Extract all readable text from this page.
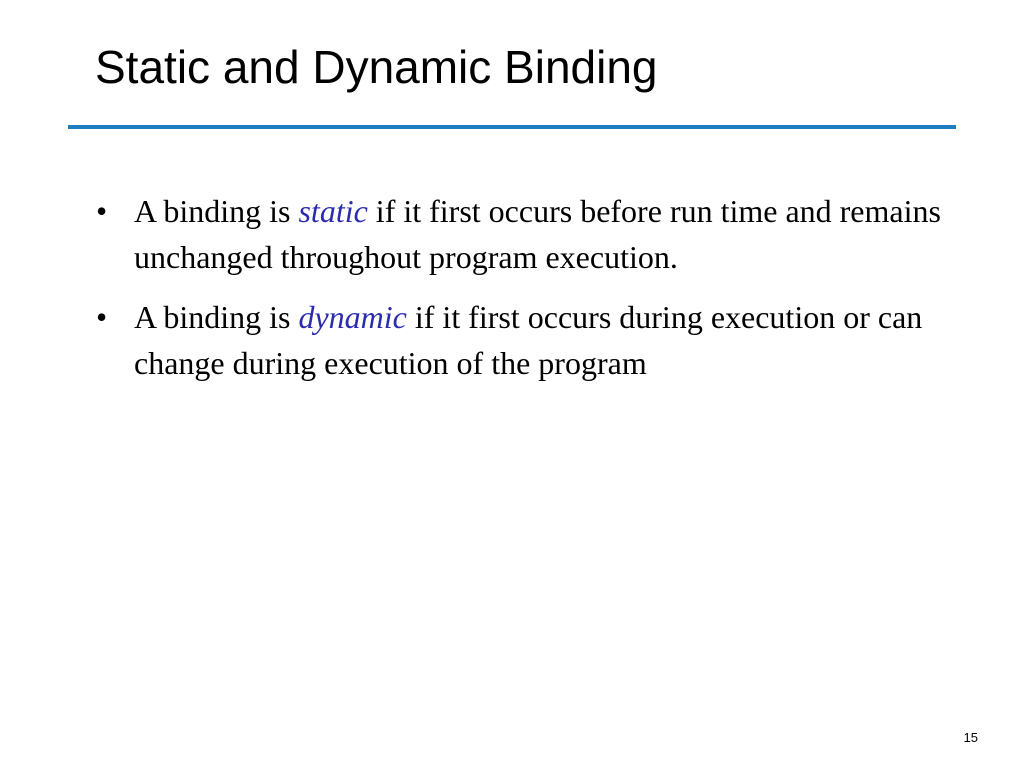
Static and Dynamic Binding
• A binding is static if it first occurs before run time and remains unchanged throughout program execution.
• A binding is dynamic if it first occurs during execution or can change during execution of the program
15
